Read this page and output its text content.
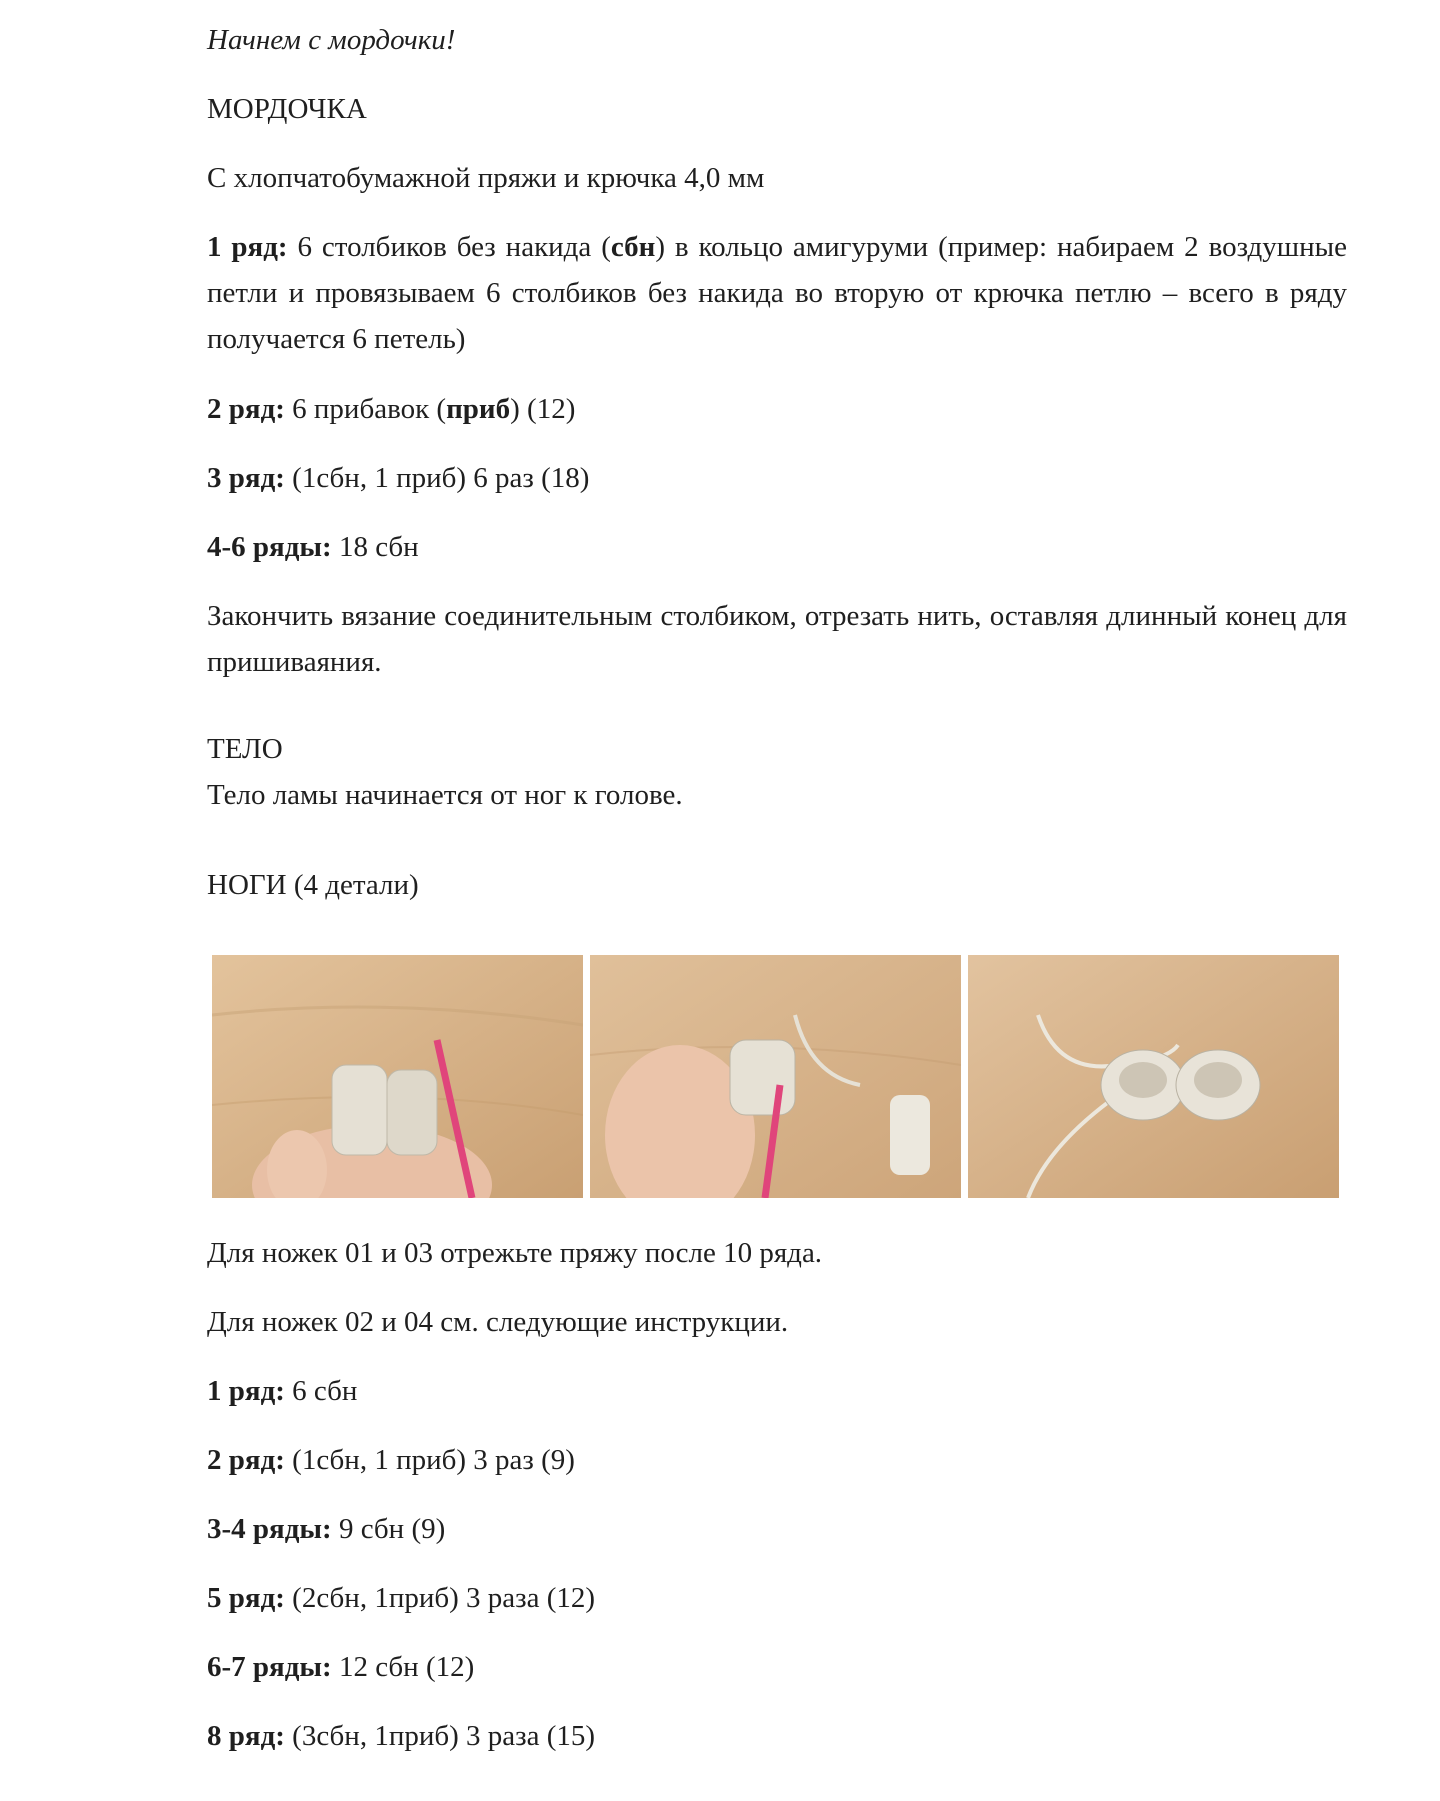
Начнем с мордочки!

МОРДОЧКА

С хлопчатобумажной пряжи и крючка 4,0 мм

1 ряд: 6 столбиков без накида (сбн) в кольцо амигуруми (пример: набираем 2 воздушные петли и провязываем 6 столбиков без накида во вторую от крючка петлю – всего в ряду получается 6 петель)

2 ряд: 6 прибавок (приб) (12)

3 ряд: (1сбн, 1 приб) 6 раз (18)

4-6 ряды: 18 сбн

Закончить вязание соединительным столбиком, отрезать нить, оставляя длинный конец для пришиваяния.

ТЕЛО

Тело ламы начинается от ног к голове.

НОГИ (4 детали)

Для ножек 01 и 03 отрежьте пряжу после 10 ряда.

Для ножек 02 и 04 см. следующие инструкции.

1 ряд: 6 сбн

2 ряд: (1сбн, 1 приб) 3 раз (9)

3-4 ряды: 9 сбн (9)

5 ряд: (2сбн, 1приб) 3 раза (12)

6-7 ряды: 12 сбн (12)

8 ряд: (3сбн, 1приб) 3 раза (15)
